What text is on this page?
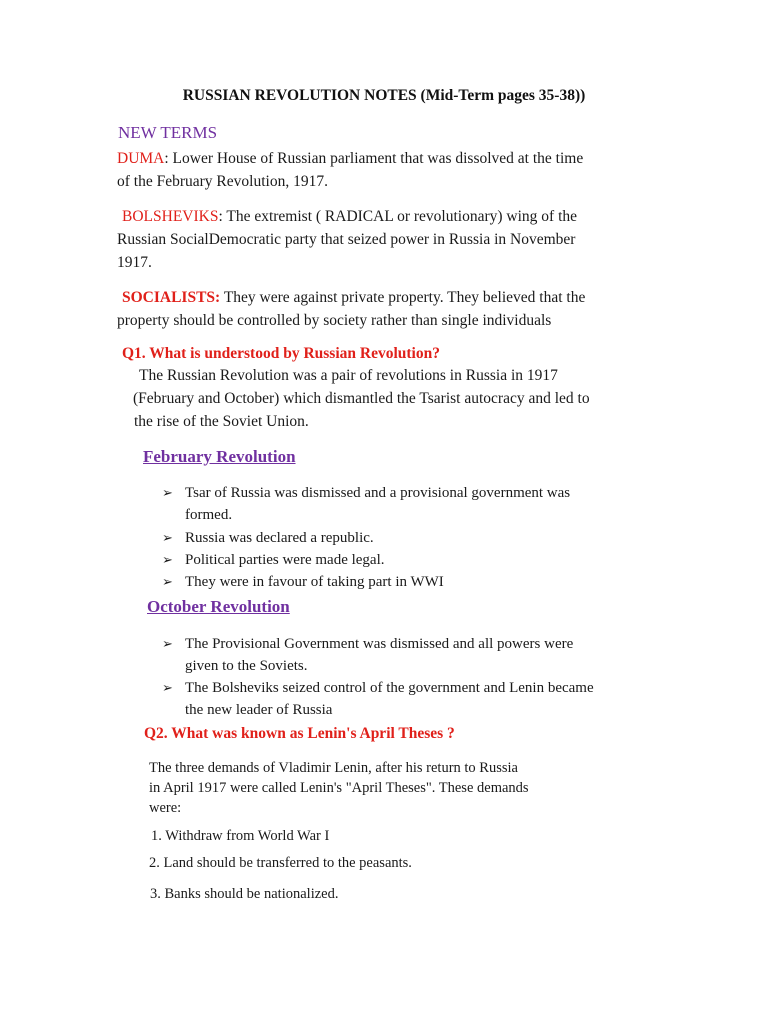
RUSSIAN REVOLUTION NOTES (Mid-Term pages 35-38))
NEW TERMS
DUMA: Lower House of Russian parliament that was dissolved at the time
of the February Revolution, 1917.
BOLSHEVIKS: The extremist ( RADICAL or revolutionary) wing of the
Russian SocialDemocratic party that seized power in Russia in November
1917.
SOCIALISTS: They were against private property. They believed that the
property should be controlled by society rather than single individuals
Q1. What is understood by Russian Revolution?
The Russian Revolution was a pair of revolutions in Russia in 1917
(February and October) which dismantled the Tsarist autocracy and led to
the rise of the Soviet Union.
February Revolution
➢ Tsar of Russia was dismissed and a provisional government was
formed.
➢ Russia was declared a republic.
➢ Political parties were made legal.
➢ They were in favour of taking part in WWI
October Revolution
➢ The Provisional Government was dismissed and all powers were
given to the Soviets.
➢ The Bolsheviks seized control of the government and Lenin became
the new leader of Russia
Q2. What was known as Lenin's April Theses ?
The three demands of Vladimir Lenin, after his return to Russia
in April 1917 were called Lenin's "April Theses". These demands
were:
1. Withdraw from World War I
2. Land should be transferred to the peasants.
3. Banks should be nationalized.
